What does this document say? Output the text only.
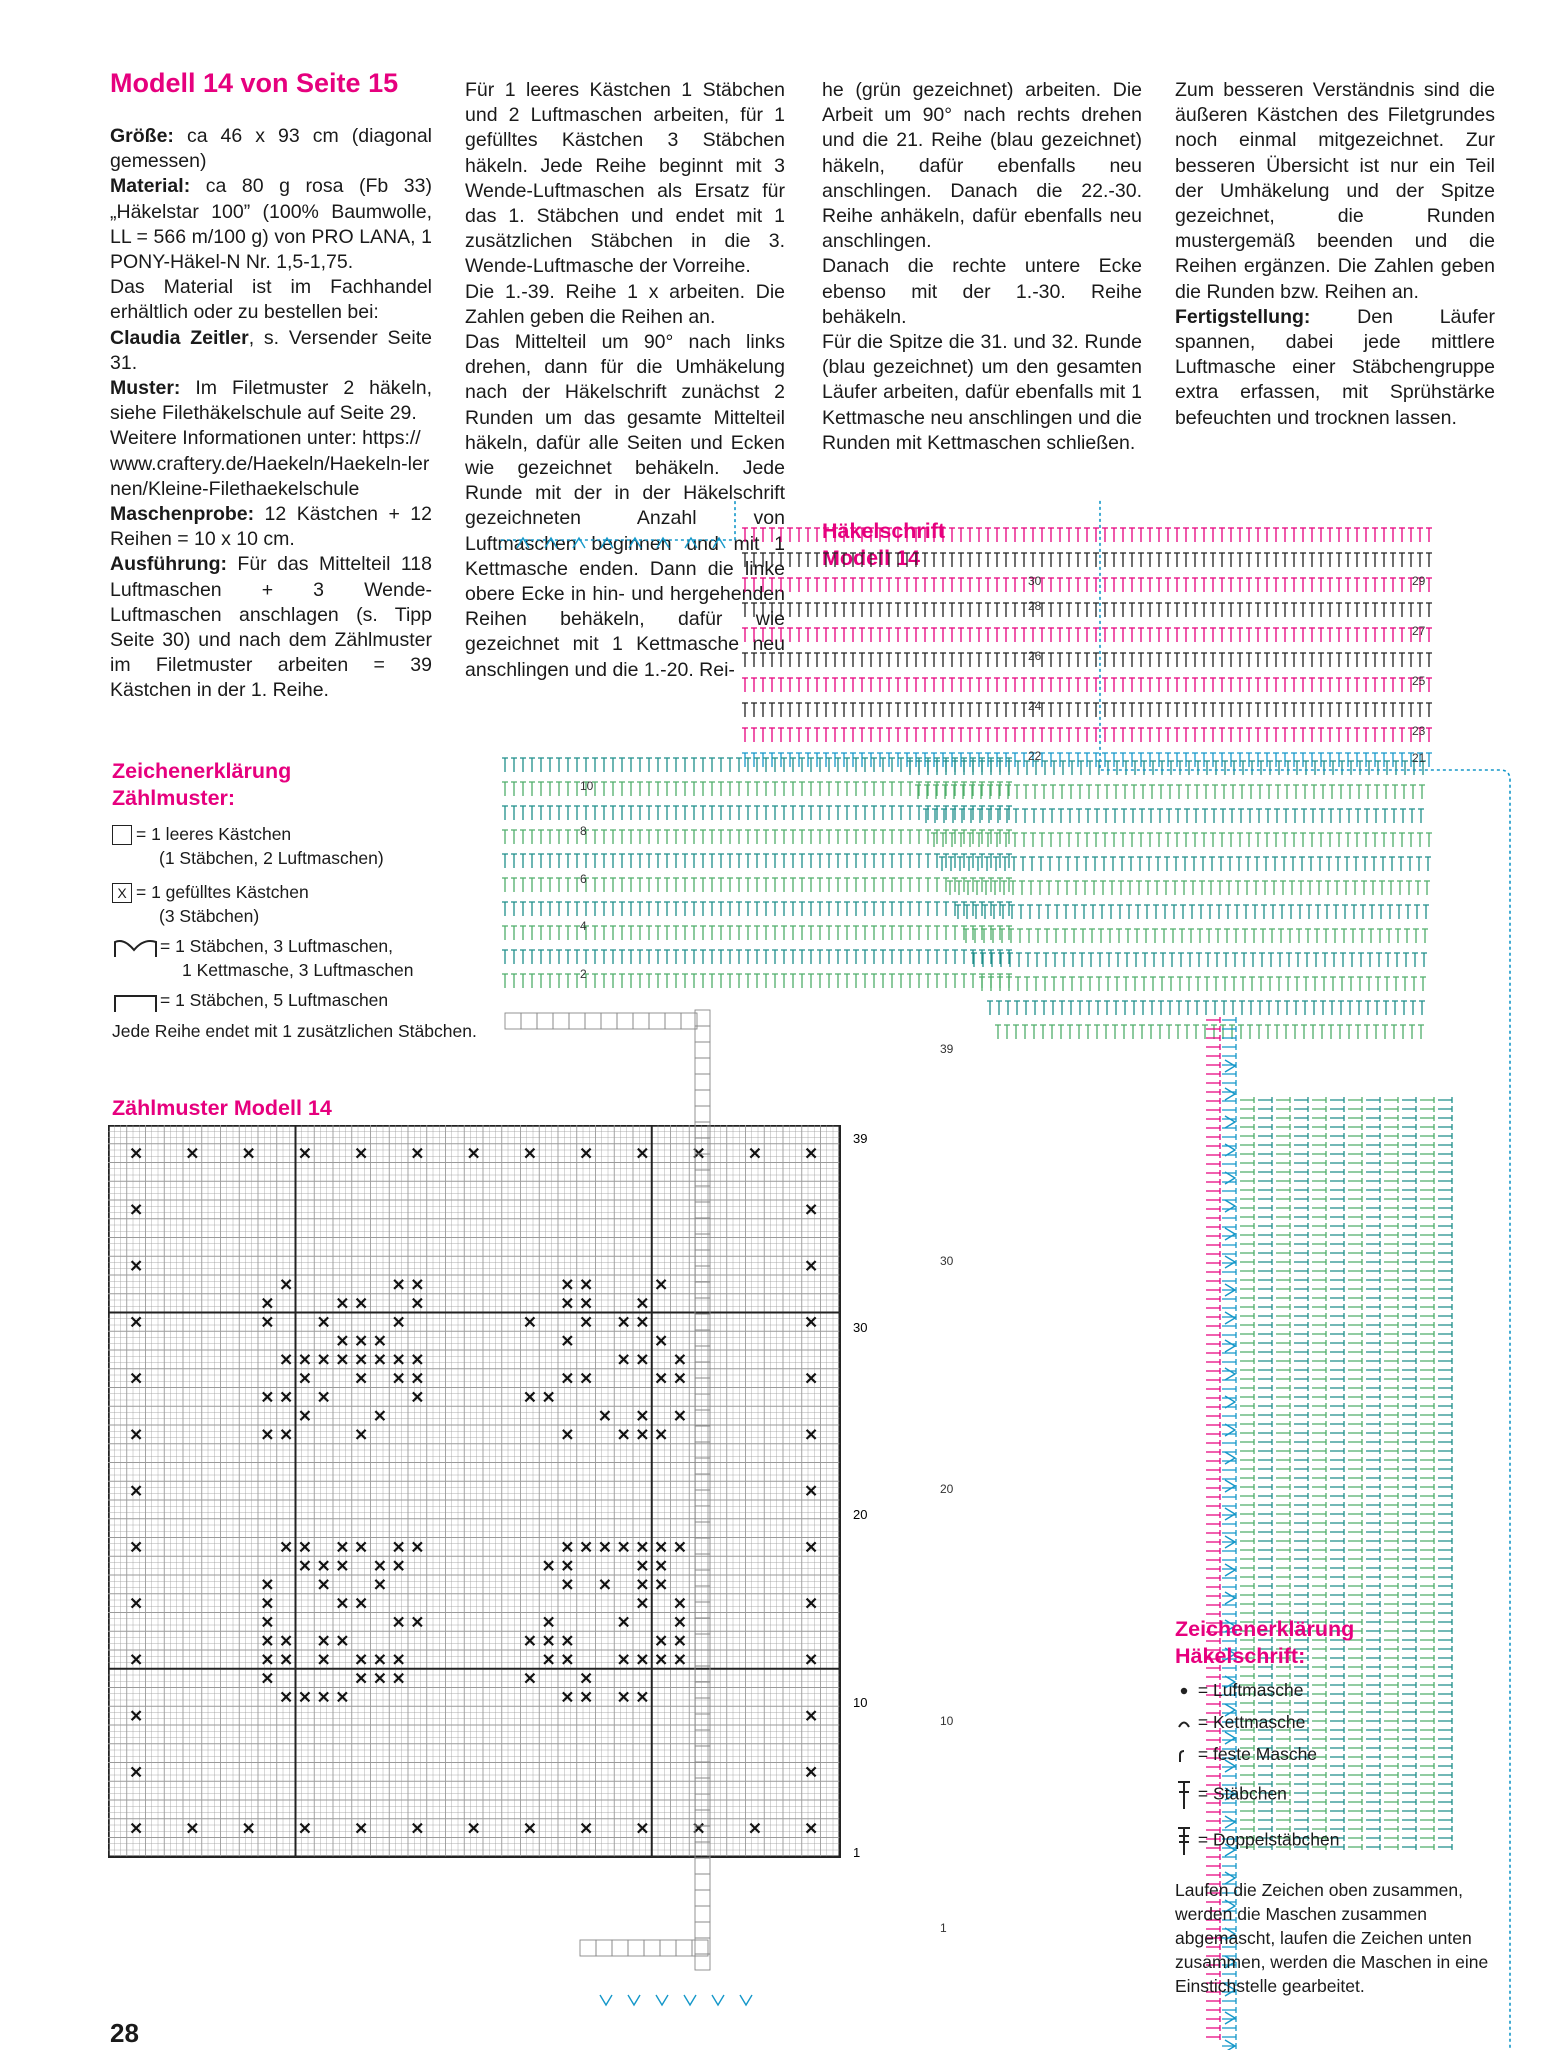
Modell 14 von Seite 15

Größe: ca 46 x 93 cm (diagonal gemessen)

Material: ca 80 g rosa (Fb 33) „Häkelstar 100” (100% Baumwolle, LL = 566 m/100 g) von PRO LANA, 1 PONY-Häkel-N Nr. 1,5-1,75.

Das Material ist im Fachhandel erhältlich oder zu bestellen bei:

Claudia Zeitler, s. Versender Seite 31.

Muster: Im Filetmuster 2 häkeln, siehe Filethäkelschule auf Seite 29.

Weitere Informationen unter: https://www.craftery.de/Haekeln/Haekeln-lernen/Kleine-Filethaekelschule

Maschenprobe: 12 Kästchen + 12 Reihen = 10 x 10 cm.

Ausführung: Für das Mittelteil 118 Luftmaschen + 3 Wende-Luftmaschen anschlagen (s. Tipp Seite 30) und nach dem Zählmuster im Filetmuster arbeiten = 39 Kästchen in der 1. Reihe.

Für 1 leeres Kästchen 1 Stäbchen und 2 Luftmaschen arbeiten, für 1 gefülltes Kästchen 3 Stäbchen häkeln. Jede Reihe beginnt mit 3 Wende-Luftmaschen als Ersatz für das 1. Stäbchen und endet mit 1 zusätzlichen Stäbchen in die 3. Wende-Luftmasche der Vorreihe.

Die 1.-39. Reihe 1 x arbeiten. Die Zahlen geben die Reihen an.

Das Mittelteil um 90° nach links drehen, dann für die Umhäkelung nach der Häkelschrift zunächst 2 Runden um das gesamte Mittelteil häkeln, dafür alle Seiten und Ecken wie gezeichnet behäkeln. Jede Runde mit der in der Häkelschrift gezeichneten Anzahl von Luftmaschen beginnen und mit 1 Kettmasche enden. Dann die linke obere Ecke in hin- und hergehenden Reihen behäkeln, dafür wie gezeichnet mit 1 Kettmasche neu anschlingen und die 1.-20. Rei-

he (grün gezeichnet) arbeiten. Die Arbeit um 90° nach rechts drehen und die 21. Reihe (blau gezeichnet) häkeln, dafür ebenfalls neu anschlingen. Danach die 22.-30. Reihe anhäkeln, dafür ebenfalls neu anschlingen.

Danach die rechte untere Ecke ebenso mit der 1.-30. Reihe behäkeln.

Für die Spitze die 31. und 32. Runde (blau gezeichnet) um den gesamten Läufer arbeiten, dafür ebenfalls mit 1 Kettmasche neu anschlingen und die Runden mit Kettmaschen schließen.

Zum besseren Verständnis sind die äußeren Kästchen des Filetgrundes noch einmal mitgezeichnet. Zur besseren Übersicht ist nur ein Teil der Umhäkelung und der Spitze gezeichnet, die Runden mustergemäß beenden und die Reihen ergänzen. Die Zahlen geben die Runden bzw. Reihen an.

Fertigstellung: Den Läufer spannen, dabei jede mittlere Luftmasche einer Stäbchengruppe extra erfassen, mit Sprühstärke befeuchten und trocknen lassen.

Häkelschrift
Modell 14
Zeichenerklärung
Zählmuster:
= 1 leeres Kästchen
(1 Stäbchen, 2 Luftmaschen)
X = 1 gefülltes Kästchen
(3 Stäbchen)
= 1 Stäbchen, 3 Luftmaschen,
1 Kettmasche, 3 Luftmaschen
= 1 Stäbchen, 5 Luftmaschen
Jede Reihe endet mit 1 zusätzlichen Stäbchen.
Zählmuster Modell 14
39
30
20
10
1
30	29
28
27
26
25
24
23
22	21
10
8
6
4
2
39
30
20
10
1
Zeichenerklärung
Häkelschrift:
= Luftmasche
= Kettmasche
= feste Masche
= Stäbchen
= Doppelstäbchen
Laufen die Zeichen oben zusammen, werden die Maschen zusammen abgemascht, laufen die Zeichen unten zusammen, werden die Maschen in eine Einstichstelle gearbeitet.
28
